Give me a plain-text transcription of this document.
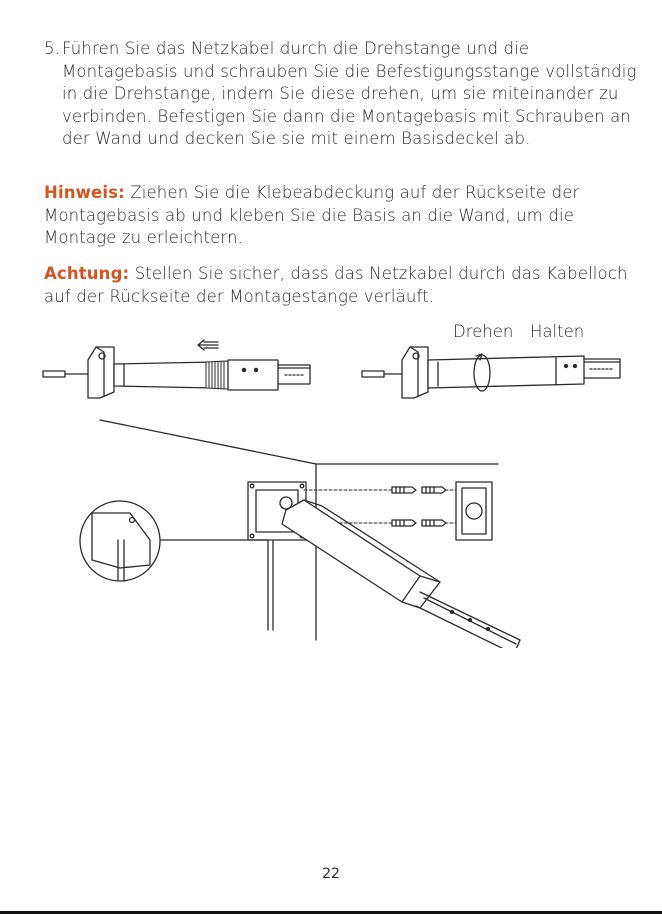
5. Führen Sie das Netzkabel durch die Drehstange und die Montagebasis und schrauben Sie die Befestigungsstange vollständig in die Drehstange, indem Sie diese drehen, um sie miteinander zu verbinden. Befestigen Sie dann die Montagebasis mit Schrauben an der Wand und decken Sie sie mit einem Basisdeckel ab.
Hinweis: Ziehen Sie die Klebeabdeckung auf der Rückseite der Montagebasis ab und kleben Sie die Basis an die Wand, um die Montage zu erleichtern.
Achtung: Stellen Sie sicher, dass das Netzkabel durch das Kabelloch auf der Rückseite der Montagestange verläuft.
Drehen Halten
22
